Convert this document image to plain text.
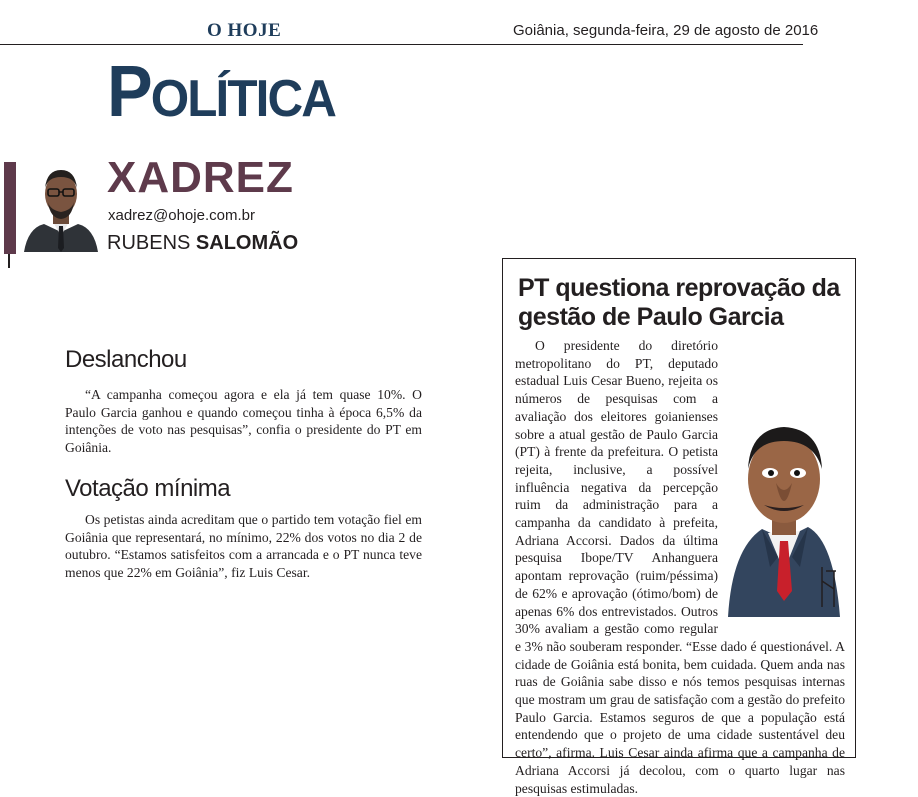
O HOJE	Goiânia, segunda-feira, 29 de agosto de 2016
POLÍTICA
XADREZ
xadrez@ohoje.com.br
RUBENS SALOMÃO
Deslanchou

“A campanha começou agora e ela já tem quase 10%. O Paulo Garcia ganhou e quando começou tinha à época 6,5% da intenções de voto nas pesquisas”, confia o presidente do PT em Goiânia.

Votação mínima

Os petistas ainda acreditam que o partido tem votação fiel em Goiânia que representará, no mínimo, 22% dos votos no dia 2 de outubro. “Estamos satisfeitos com a arrancada e o PT nunca teve menos que 22% em Goiânia”, fiz Luis Cesar.

PT questiona reprovação da gestão de Paulo Garcia

O presidente do diretório metropolitano do PT, deputado estadual Luis Cesar Bueno, rejeita os números de pesquisas com a avaliação dos eleitores goianienses sobre a atual gestão de Paulo Garcia (PT) à frente da prefeitura. O petista rejeita, inclusive, a possível influência negativa da percepção ruim da administração para a campanha da candidato à prefeita, Adriana Accorsi. Dados da última pesquisa Ibope/TV Anhanguera apontam reprovação (ruim/péssima) de 62% e aprovação (ótimo/bom) de apenas 6% dos entrevistados. Outros 30% avaliam a gestão como regular e 3% não souberam responder. “Esse dado é questionável. A cidade de Goiânia está bonita, bem cuidada. Quem anda nas ruas de Goiânia sabe disso e nós temos pesquisas internas que mostram um grau de satisfação com a gestão do prefeito Paulo Garcia. Estamos seguros de que a população está entendendo que o projeto de uma cidade sustentável deu certo”, afirma. Luis Cesar ainda afirma que a campanha de Adriana Accorsi já decolou, com o quarto lugar nas pesquisas estimuladas.
